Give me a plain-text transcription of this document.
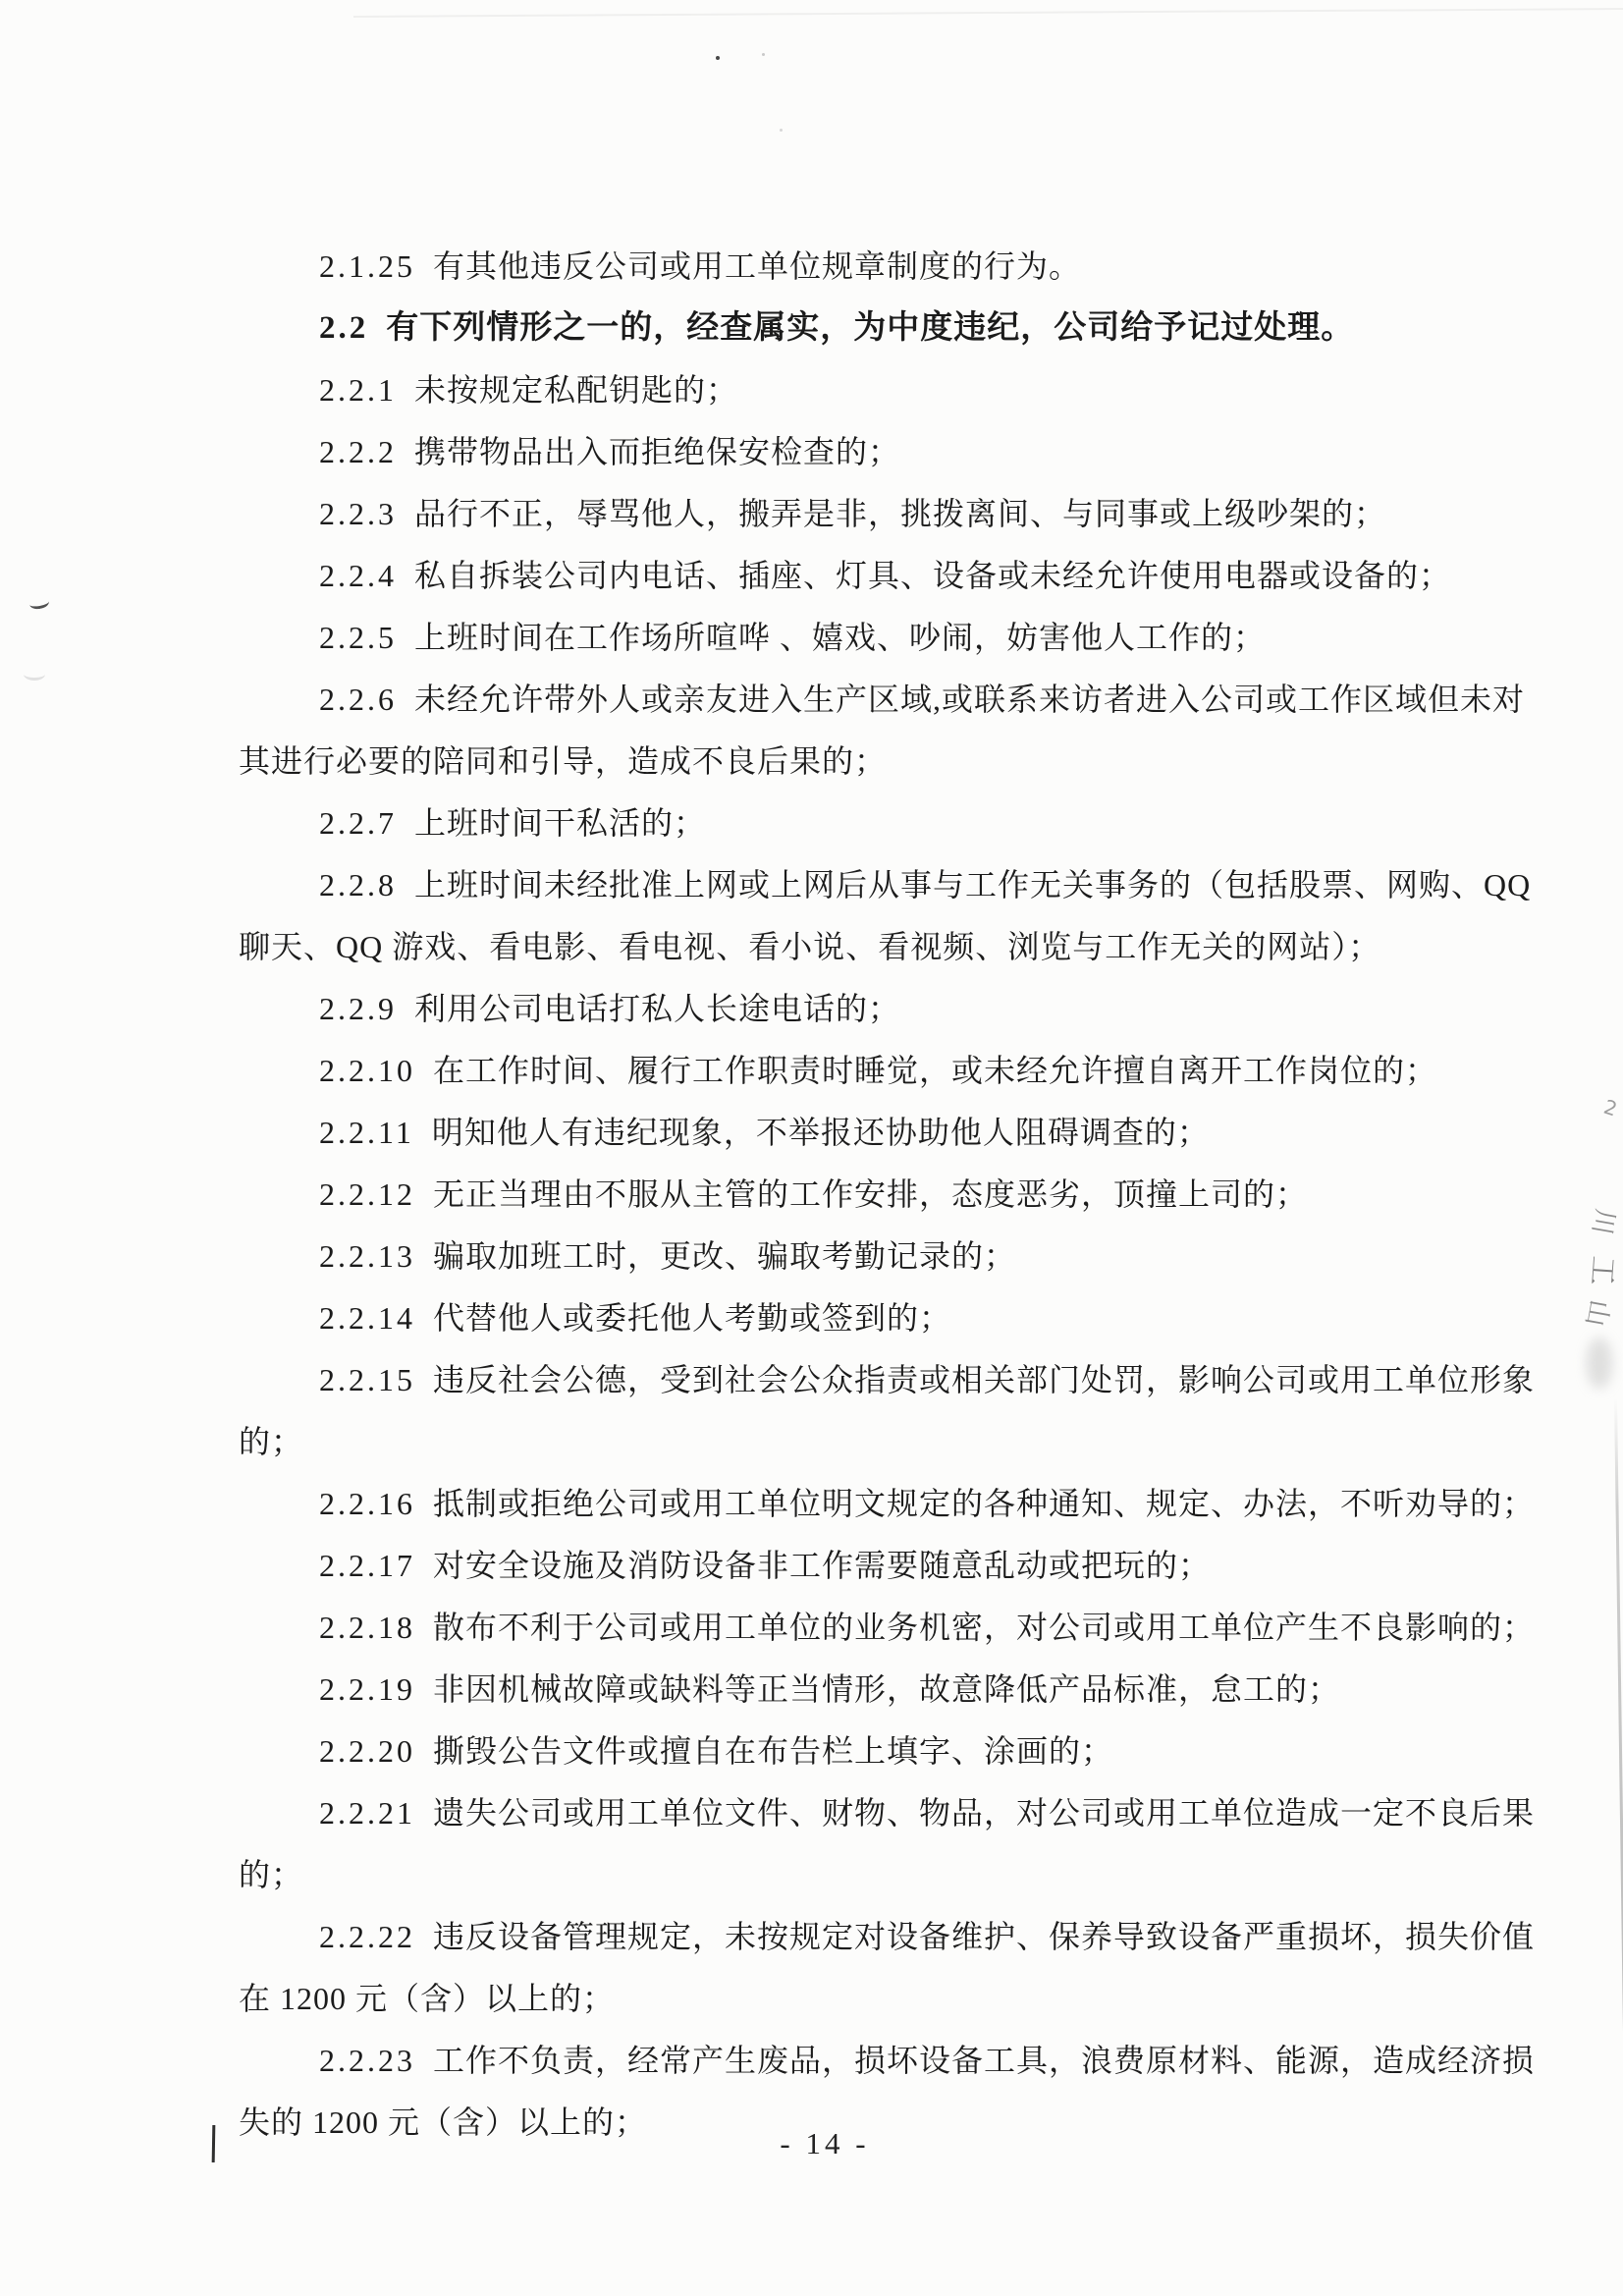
2.1.25 有其他违反公司或用工单位规章制度的行为。
2.2 有下列情形之一的，经查属实，为中度违纪，公司给予记过处理。
2.2.1 未按规定私配钥匙的；
2.2.2 携带物品出入而拒绝保安检查的；
2.2.3 品行不正，辱骂他人，搬弄是非，挑拨离间、与同事或上级吵架的；
2.2.4 私自拆装公司内电话、插座、灯具、设备或未经允许使用电器或设备的；
2.2.5 上班时间在工作场所喧哗 、嬉戏、吵闹，妨害他人工作的；
2.2.6 未经允许带外人或亲友进入生产区域,或联系来访者进入公司或工作区域但未对
其进行必要的陪同和引导，造成不良后果的；
2.2.7 上班时间干私活的；
2.2.8 上班时间未经批准上网或上网后从事与工作无关事务的（包括股票、网购、QQ
聊天、QQ 游戏、看电影、看电视、看小说、看视频、浏览与工作无关的网站）；
2.2.9 利用公司电话打私人长途电话的；
2.2.10 在工作时间、履行工作职责时睡觉，或未经允许擅自离开工作岗位的；
2.2.11 明知他人有违纪现象，不举报还协助他人阻碍调查的；
2.2.12 无正当理由不服从主管的工作安排，态度恶劣，顶撞上司的；
2.2.13 骗取加班工时，更改、骗取考勤记录的；
2.2.14 代替他人或委托他人考勤或签到的；
2.2.15 违反社会公德，受到社会公众指责或相关部门处罚，影响公司或用工单位形象
的；
2.2.16 抵制或拒绝公司或用工单位明文规定的各种通知、规定、办法，不听劝导的；
2.2.17 对安全设施及消防设备非工作需要随意乱动或把玩的；
2.2.18 散布不利于公司或用工单位的业务机密，对公司或用工单位产生不良影响的；
2.2.19 非因机械故障或缺料等正当情形，故意降低产品标准，怠工的；
2.2.20 撕毁公告文件或擅自在布告栏上填字、涂画的；
2.2.21 遗失公司或用工单位文件、财物、物品，对公司或用工单位造成一定不良后果
的；
2.2.22 违反设备管理规定，未按规定对设备维护、保养导致设备严重损坏，损失价值
在 1200 元（含）以上的；
2.2.23 工作不负责，经常产生废品，损坏设备工具，浪费原材料、能源，造成经济损
失的 1200 元（含）以上的；
- 14 -
2
川
工
山
